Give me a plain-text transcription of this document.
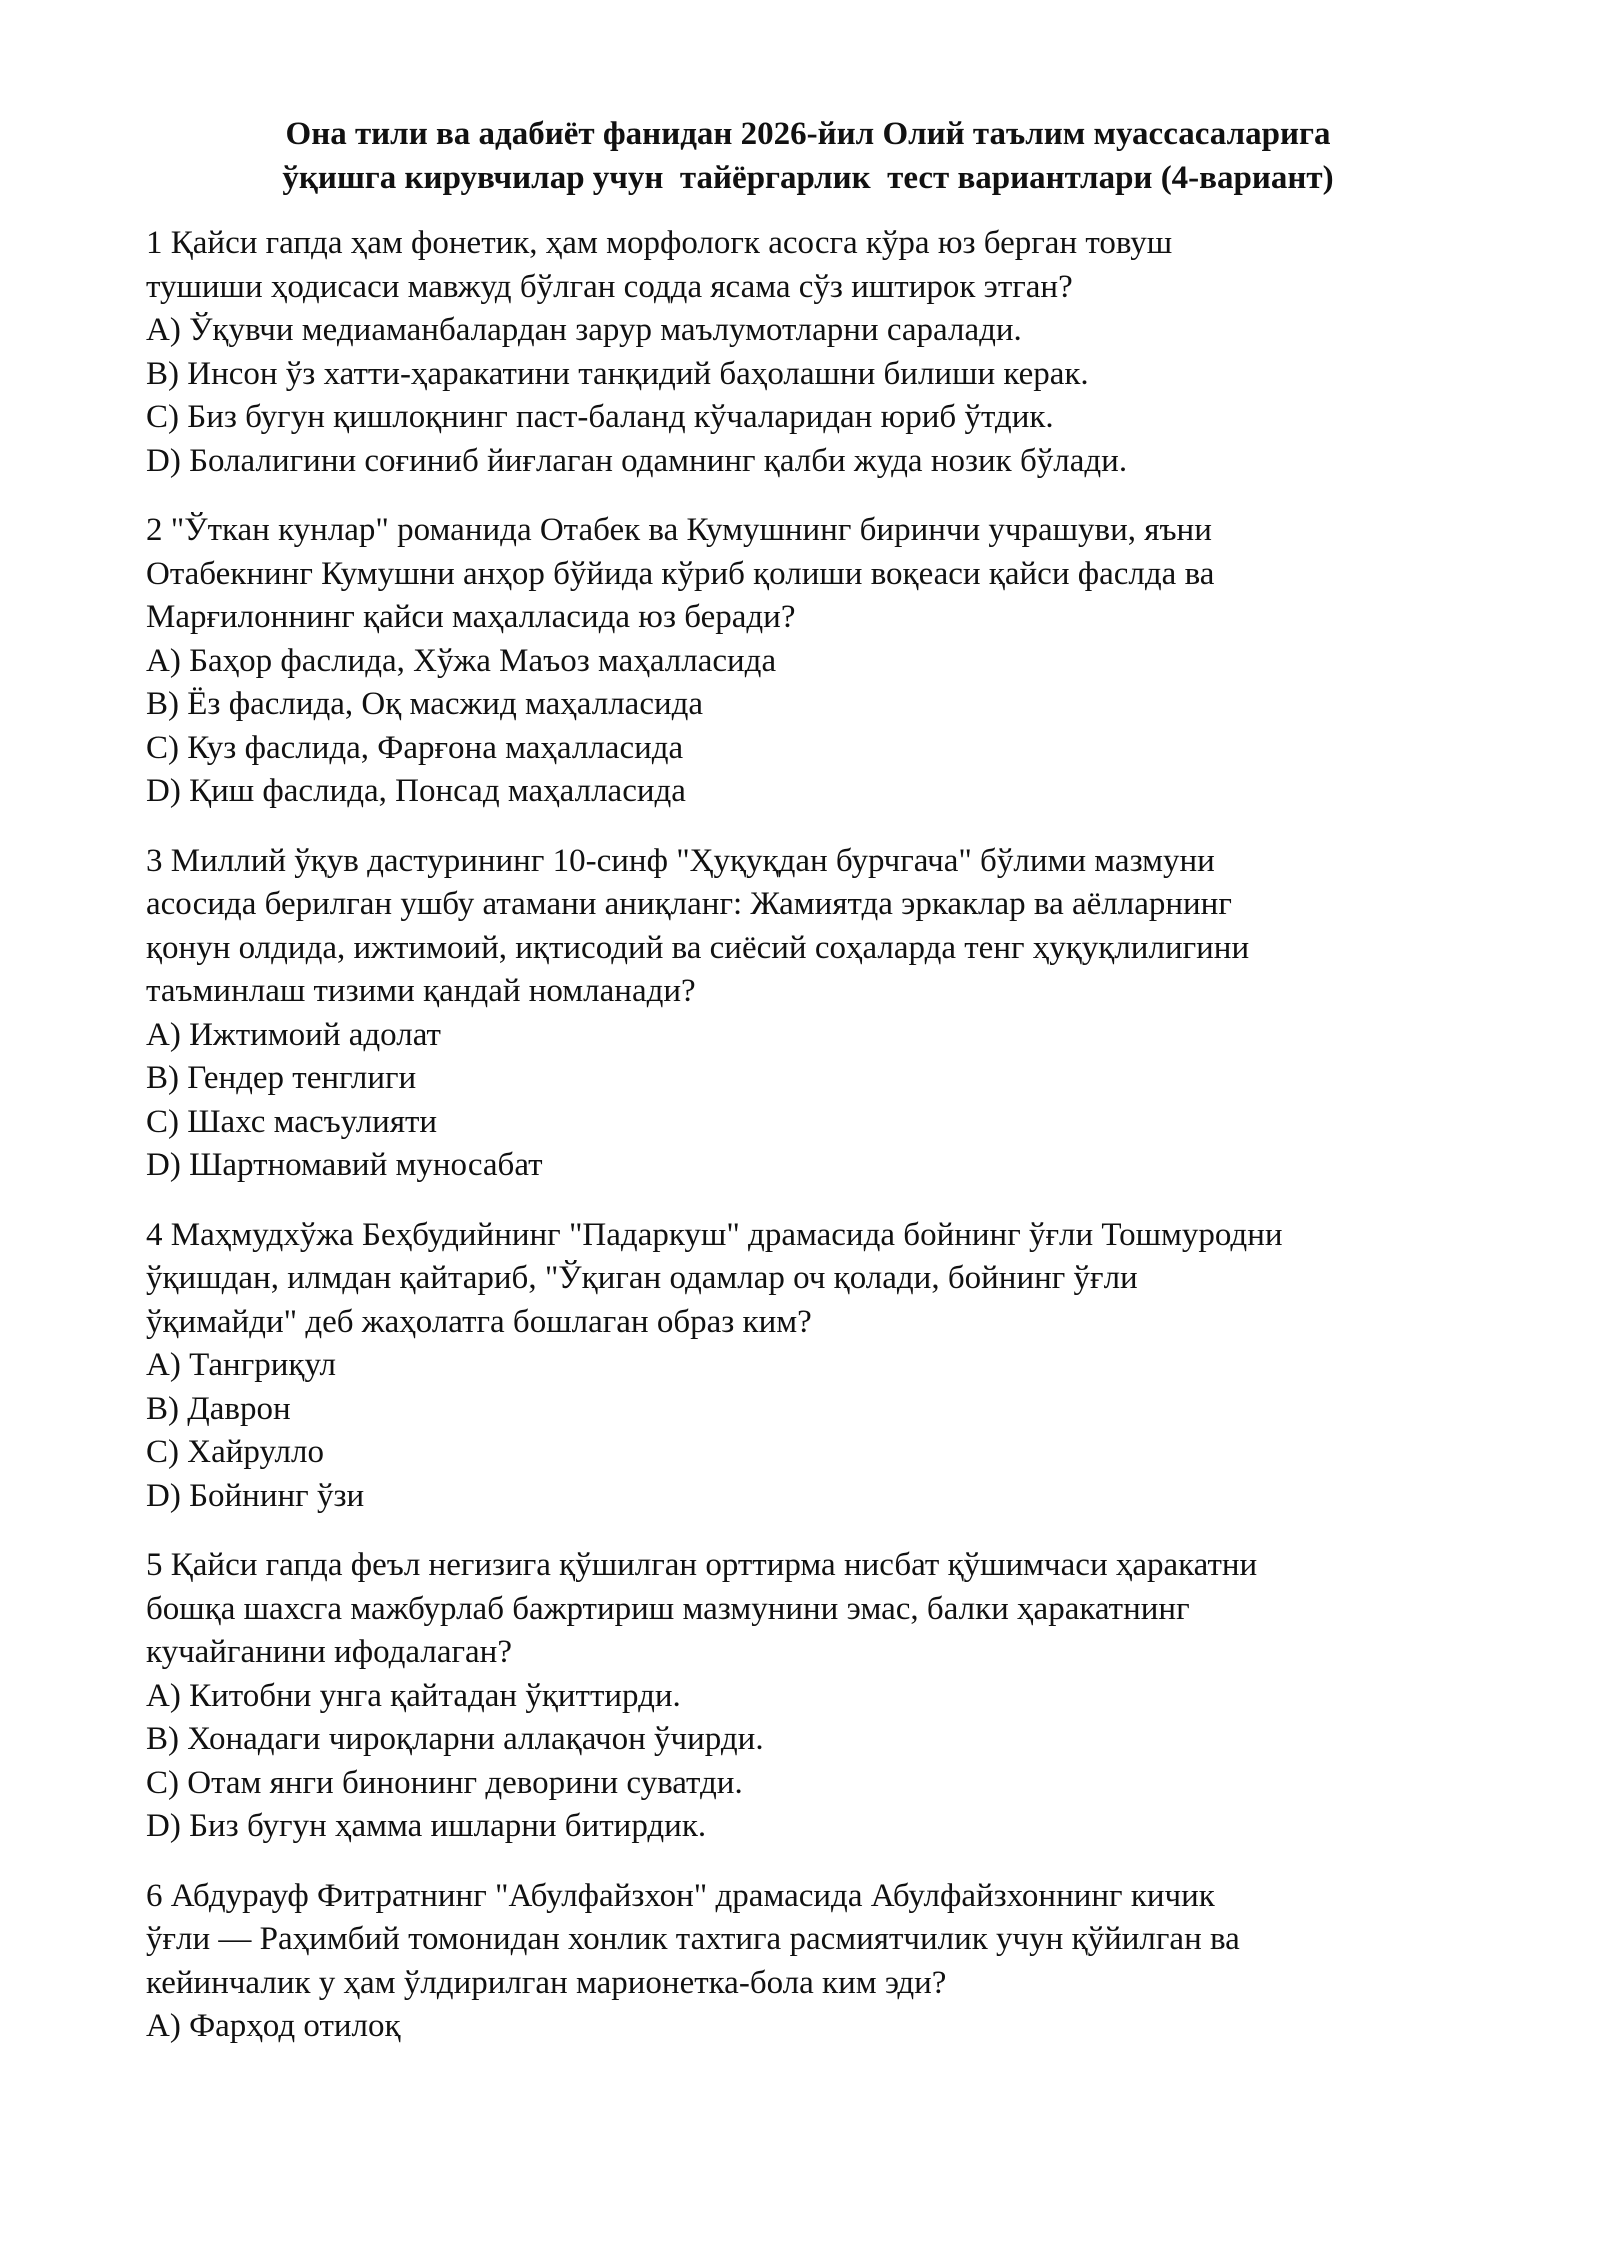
Она тили ва адабиёт фанидан 2026-йил Олий таълим муассасаларига
ўқишга кирувчилар учун  тайёргарлик  тест вариантлари (4-вариант)
1 Қайси гапда ҳам фонетик, ҳам морфологк асосга кўра юз берган товуш
тушиши ҳодисаси мавжуд бўлган содда ясама сўз иштирок этган?
A) Ўқувчи медиаманбалардан зарур маълумотларни саралади.
B) Инсон ўз хатти-ҳаракатини танқидий баҳолашни билиши керак.
C) Биз бугун қишлоқнинг паст-баланд кўчаларидан юриб ўтдик.
D) Болалигини соғиниб йиғлаган одамнинг қалби жуда нозик бўлади.
2 "Ўткан кунлар" романида Отабек ва Кумушнинг биринчи учрашуви, яъни
Отабекнинг Кумушни анҳор бўйида кўриб қолиши воқеаси қайси фаслда ва
Марғилоннинг қайси маҳалласида юз беради?
A) Баҳор фаслида, Хўжа Маъоз маҳалласида
B) Ёз фаслида, Оқ масжид маҳалласида
C) Куз фаслида, Фарғона маҳалласида
D) Қиш фаслида, Понсад маҳалласида
3 Миллий ўқув дастурининг 10-синф "Ҳуқуқдан бурчгача" бўлими мазмуни
асосида берилган ушбу атамани аниқланг: Жамиятда эркаклар ва аёлларнинг
қонун олдида, ижтимоий, иқтисодий ва сиёсий соҳаларда тенг ҳуқуқлилигини
таъминлаш тизими қандай номланади?
A) Ижтимоий адолат
B) Гендер тенглиги
C) Шахс масъулияти
D) Шартномавий муносабат
4 Маҳмудхўжа Беҳбудийнинг "Падаркуш" драмасида бойнинг ўғли Тошмуродни
ўқишдан, илмдан қайтариб, "Ўқиган одамлар оч қолади, бойнинг ўғли
ўқимайди" деб жаҳолатга бошлаган образ ким?
A) Тангриқул
B) Даврон
C) Хайрулло
D) Бойнинг ўзи
5 Қайси гапда феъл негизига қўшилган орттирма нисбат қўшимчаси ҳаракатни
бошқа шахсга мажбурлаб бажртириш мазмунини эмас, балки ҳаракатнинг
кучайганини ифодалаган?
A) Китобни унга қайтадан ўқиттирди.
B) Хонадаги чироқларни аллақачон ўчирди.
C) Отам янги бинонинг деворини суватди.
D) Биз бугун ҳамма ишларни битирдик.
6 Абдурауф Фитратнинг "Абулфайзхон" драмасида Абулфайзхоннинг кичик
ўғли — Раҳимбий томонидан хонлик тахтига расмиятчилик учун қўйилган ва
кейинчалик у ҳам ўлдирилган марионетка-бола ким эди?
A) Фарҳод отилоқ
